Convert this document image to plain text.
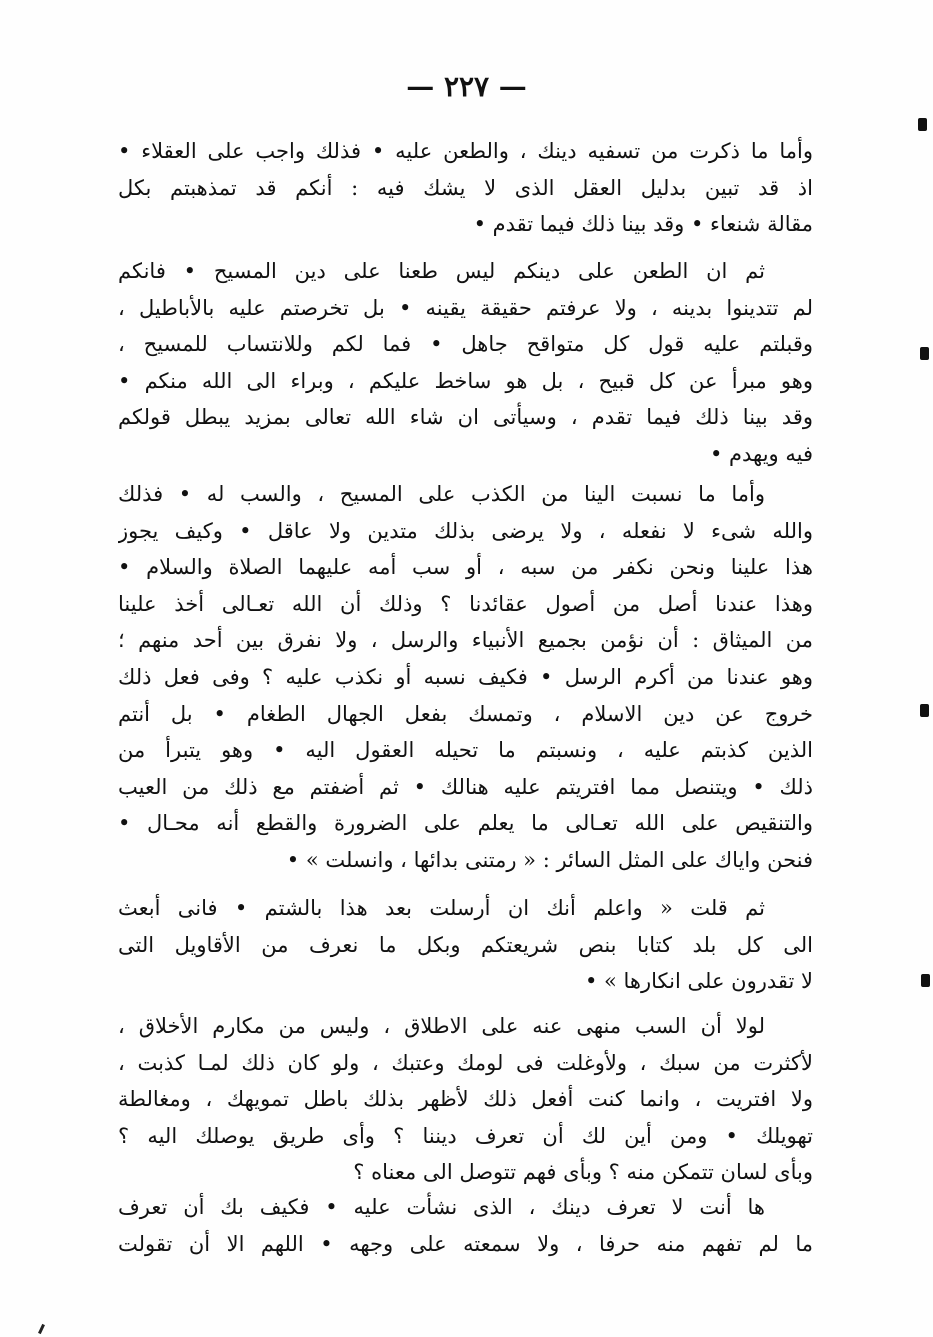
— ٢٢٧ —
وأما ما ذكرت من تسفيه دينك ، والطعن عليه • فذلك واجب على العقلاء •
اذ قد تبين بدليل العقل الذى لا يشك فيه : أنكم قد تمذهبتم بكل
مقالة شنعاء • وقد بينا ذلك فيما تقدم •
ثم ان الطعن على دينكم ليس طعنا على دين المسيح • فانكم
لم تتدينوا بدينه ، ولا عرفتم حقيقة يقينه • بل تخرصتم عليه بالأباطيل ،
وقبلتم عليه قول كل متواقح جاهل • فما لكم وللانتساب للمسيح ،
وهو مبرأ عن كل قبيح ، بل هو ساخط عليكم ، وبراء الى الله منكم •
وقد بينا ذلك فيما تقدم ، وسيأتى ان شاء الله تعالى بمزيد يبطل قولكم
فيه ويهدم •
وأما ما نسبت الينا من الكذب على المسيح ، والسب له • فذلك
والله شىء لا نفعله ، ولا يرضى بذلك متدين ولا عاقل • وكيف يجوز
هذا علينا ونحن نكفر من سبه ، أو سب أمه عليهما الصلاة والسلام •
وهذا عندنا أصل من أصول عقائدنا ؟ وذلك أن الله تعـالى أخذ علينا
من الميثاق : أن نؤمن بجميع الأنبياء والرسل ، ولا نفرق بين أحد منهم ؛
وهو عندنا من أكرم الرسل • فكيف نسبه أو نكذب عليه ؟ وفى فعل ذلك
خروج عن دين الاسلام ، وتمسك بفعل الجهال الطغام • بل أنتم
الذين كذبتم عليه ، ونسبتم ما تحيله العقول اليه • وهو يتبرأ من
ذلك • ويتنصل مما افتريتم عليه هنالك • ثم أضفتم مع ذلك من العيب
والتنقيص على الله تعـالى ما يعلم على الضرورة والقطع أنه محـال •
فنحن واياك على المثل السائر : « رمتنى بدائها ، وانسلت » •
ثم قلت « واعلم أنك ان أرسلت بعد هذا بالشتم • فانى أبعث
الى كل بلد كتابا بنص شريعتكم وبكل ما نعرف من الأقاويل التى
لا تقدرون على انكارها » •
لولا أن السب منهى عنه على الاطلاق ، وليس من مكارم الأخلاق ،
لأكثرت من سبك ، ولأوغلت فى لومك وعتبك ، ولو كان ذلك لمـا كذبت ،
ولا افتريت ، وانما كنت أفعل ذلك لأظهر بذلك باطل تمويهك ، ومغالطة
تهويلك • ومن أين لك أن تعرف ديننا ؟ وأى طريق يوصلك اليه ؟
وبأى لسان تتمكن منه ؟ وبأى فهم تتوصل الى معناه ؟
ها أنت لا تعرف دينك ، الذى نشأت عليه • فكيف بك أن تعرف
ما لم تفهم منه حرفا ، ولا سمعته على وجهه • اللهم الا أن تقولت
